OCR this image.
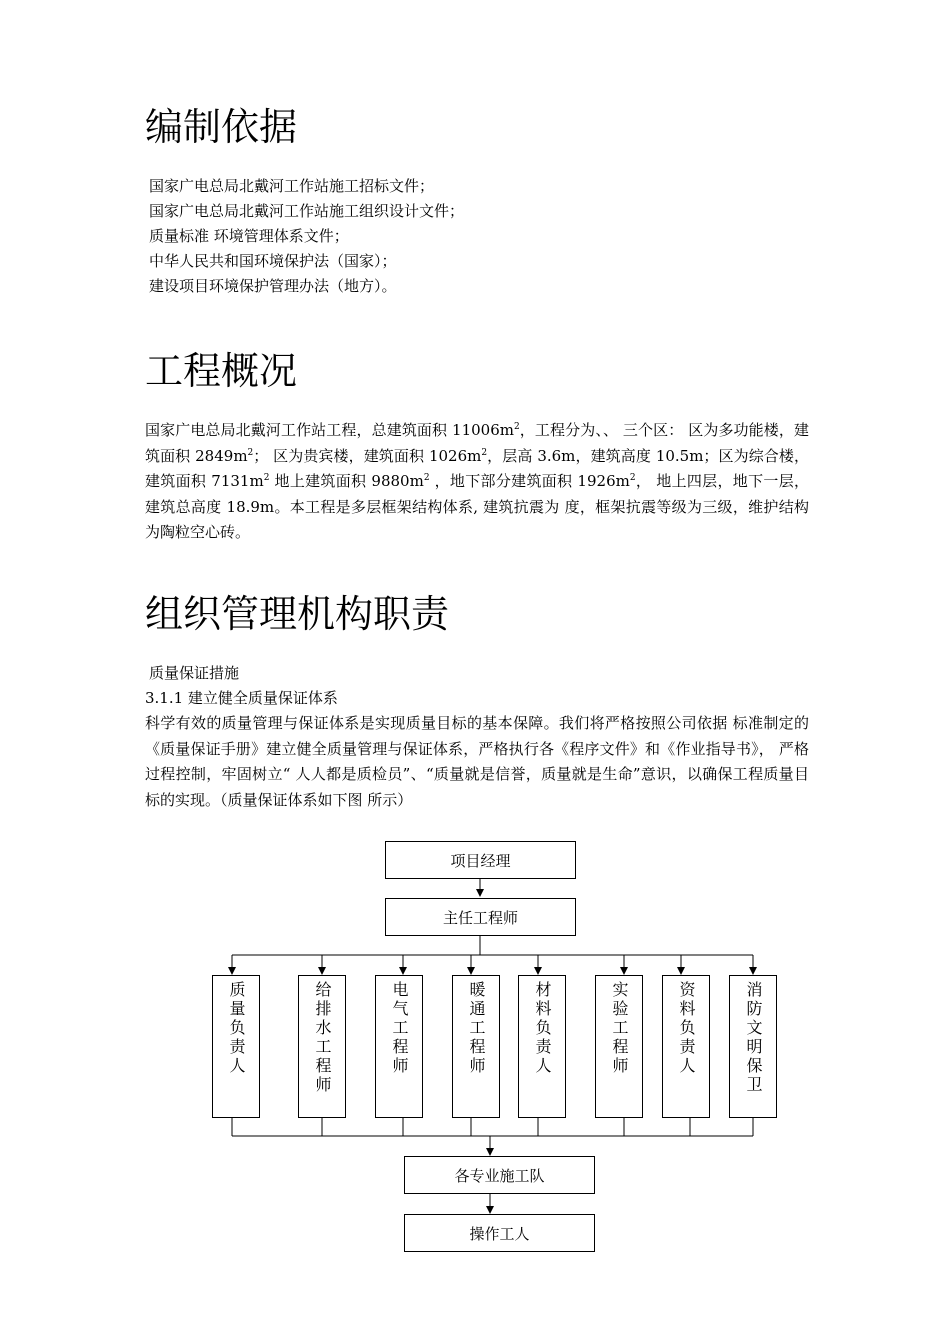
编制依据
国家广电总局北戴河工作站施工招标文件；
国家广电总局北戴河工作站施工组织设计文件；
质量标准 环境管理体系文件；
中华人民共和国环境保护法（国家）；
建设项目环境保护管理办法（地方）。
工程概况
国家广电总局北戴河工作站工程，总建筑面积 $11006m^2$，工程分为、、 三个区： 区为多功能楼，建筑面积 $2849m^2$； 区为贵宾楼，建筑面积 $1026m^2$，层高 3.6m，建筑高度 10.5m；区为综合楼，建筑面积 $7131m^2$ 地上建筑面积 $9880m^2$ ，地下部分建筑面积 $1926m^2$， 地上四层，地下一层，建筑总高度 18.9m。本工程是多层框架结构体系, 建筑抗震为 度，框架抗震等级为三级，维护结构为陶粒空心砖。
组织管理机构职责
质量保证措施
3.1.1 建立健全质量保证体系
科学有效的质量管理与保证体系是实现质量目标的基本保障。我们将严格按照公司依据 标准制定的《质量保证手册》建立健全质量管理与保证体系，严格执行各《程序文件》和《作业指导书》， 严格过程控制，牢固树立“ 人人都是质检员”、“质量就是信誉，质量就是生命”意识，以确保工程质量目标的实现。（质量保证体系如下图 所示）
项目经理
主任工程师
质量负责人	给排水工程师	电气工程师	暖通工程师	材料负责人	实验工程师	资料负责人	消防文明保卫
各专业施工队
操作工人
